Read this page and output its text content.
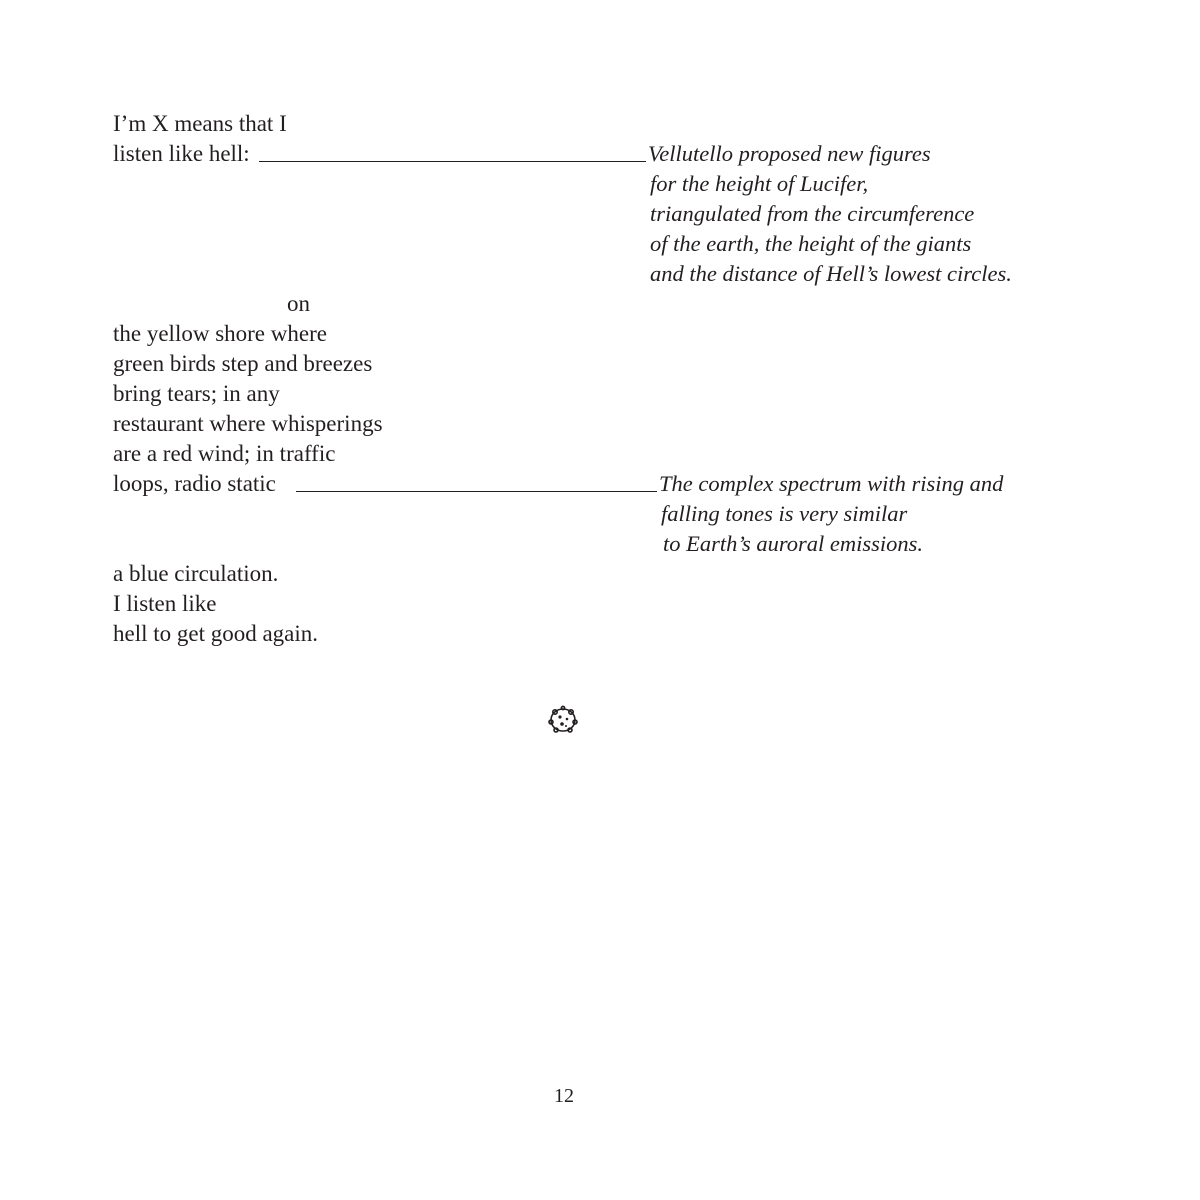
I’m X means that I
listen like hell:	Vellutello proposed new figures
for the height of Lucifer,
triangulated from the circumference
of the earth, the height of the giants
and the distance of Hell’s lowest circles.
on
the yellow shore where
green birds step and breezes
bring tears; in any
restaurant where whisperings
are a red wind; in traffic
loops, radio static	The complex spectrum with rising and
falling tones is very similar
to Earth’s auroral emissions.
a blue circulation.
I listen like
hell to get good again.
12
